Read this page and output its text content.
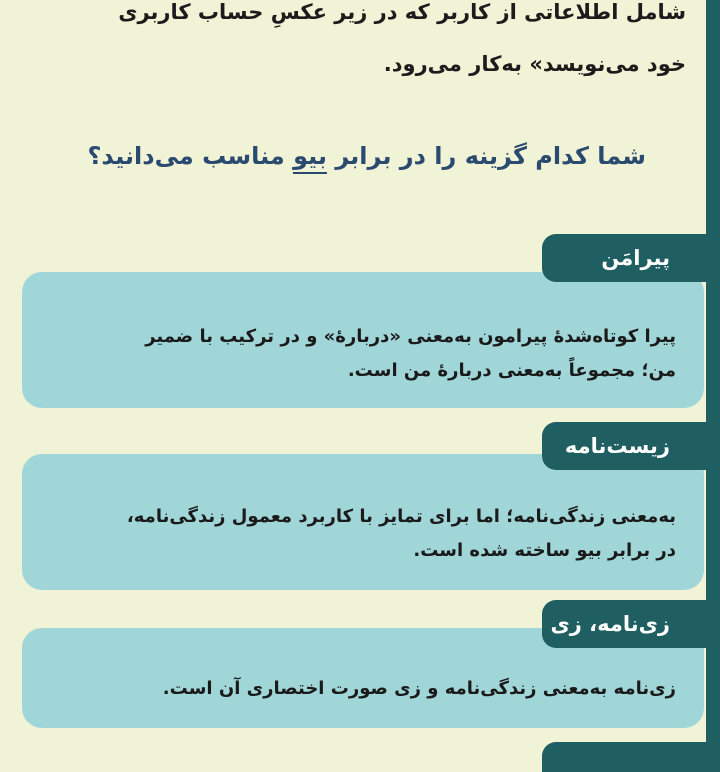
شامل اطلاعاتی از کاربر که در زیر عکسِ حساب کاربری
خود می‌نویسد» به‌کار می‌رود.
شما کدام گزینه را در برابر بیو مناسب می‌دانید؟
پیرا کوتاه‌شدهٔ پیرامون به‌معنی «دربارهٔ» و در ترکیب با ضمیر
من؛ مجموعاً به‌معنی دربارهٔ من است.
پیرامَن
به‌معنی زندگی‌نامه؛ اما برای تمایز با کاربرد معمول زندگی‌نامه،
در برابر بیو ساخته شده است.
زیست‌نامه
زی‌نامه به‌معنی زندگی‌نامه و زی صورت اختصاری آن است.
زی‌نامه، زی
